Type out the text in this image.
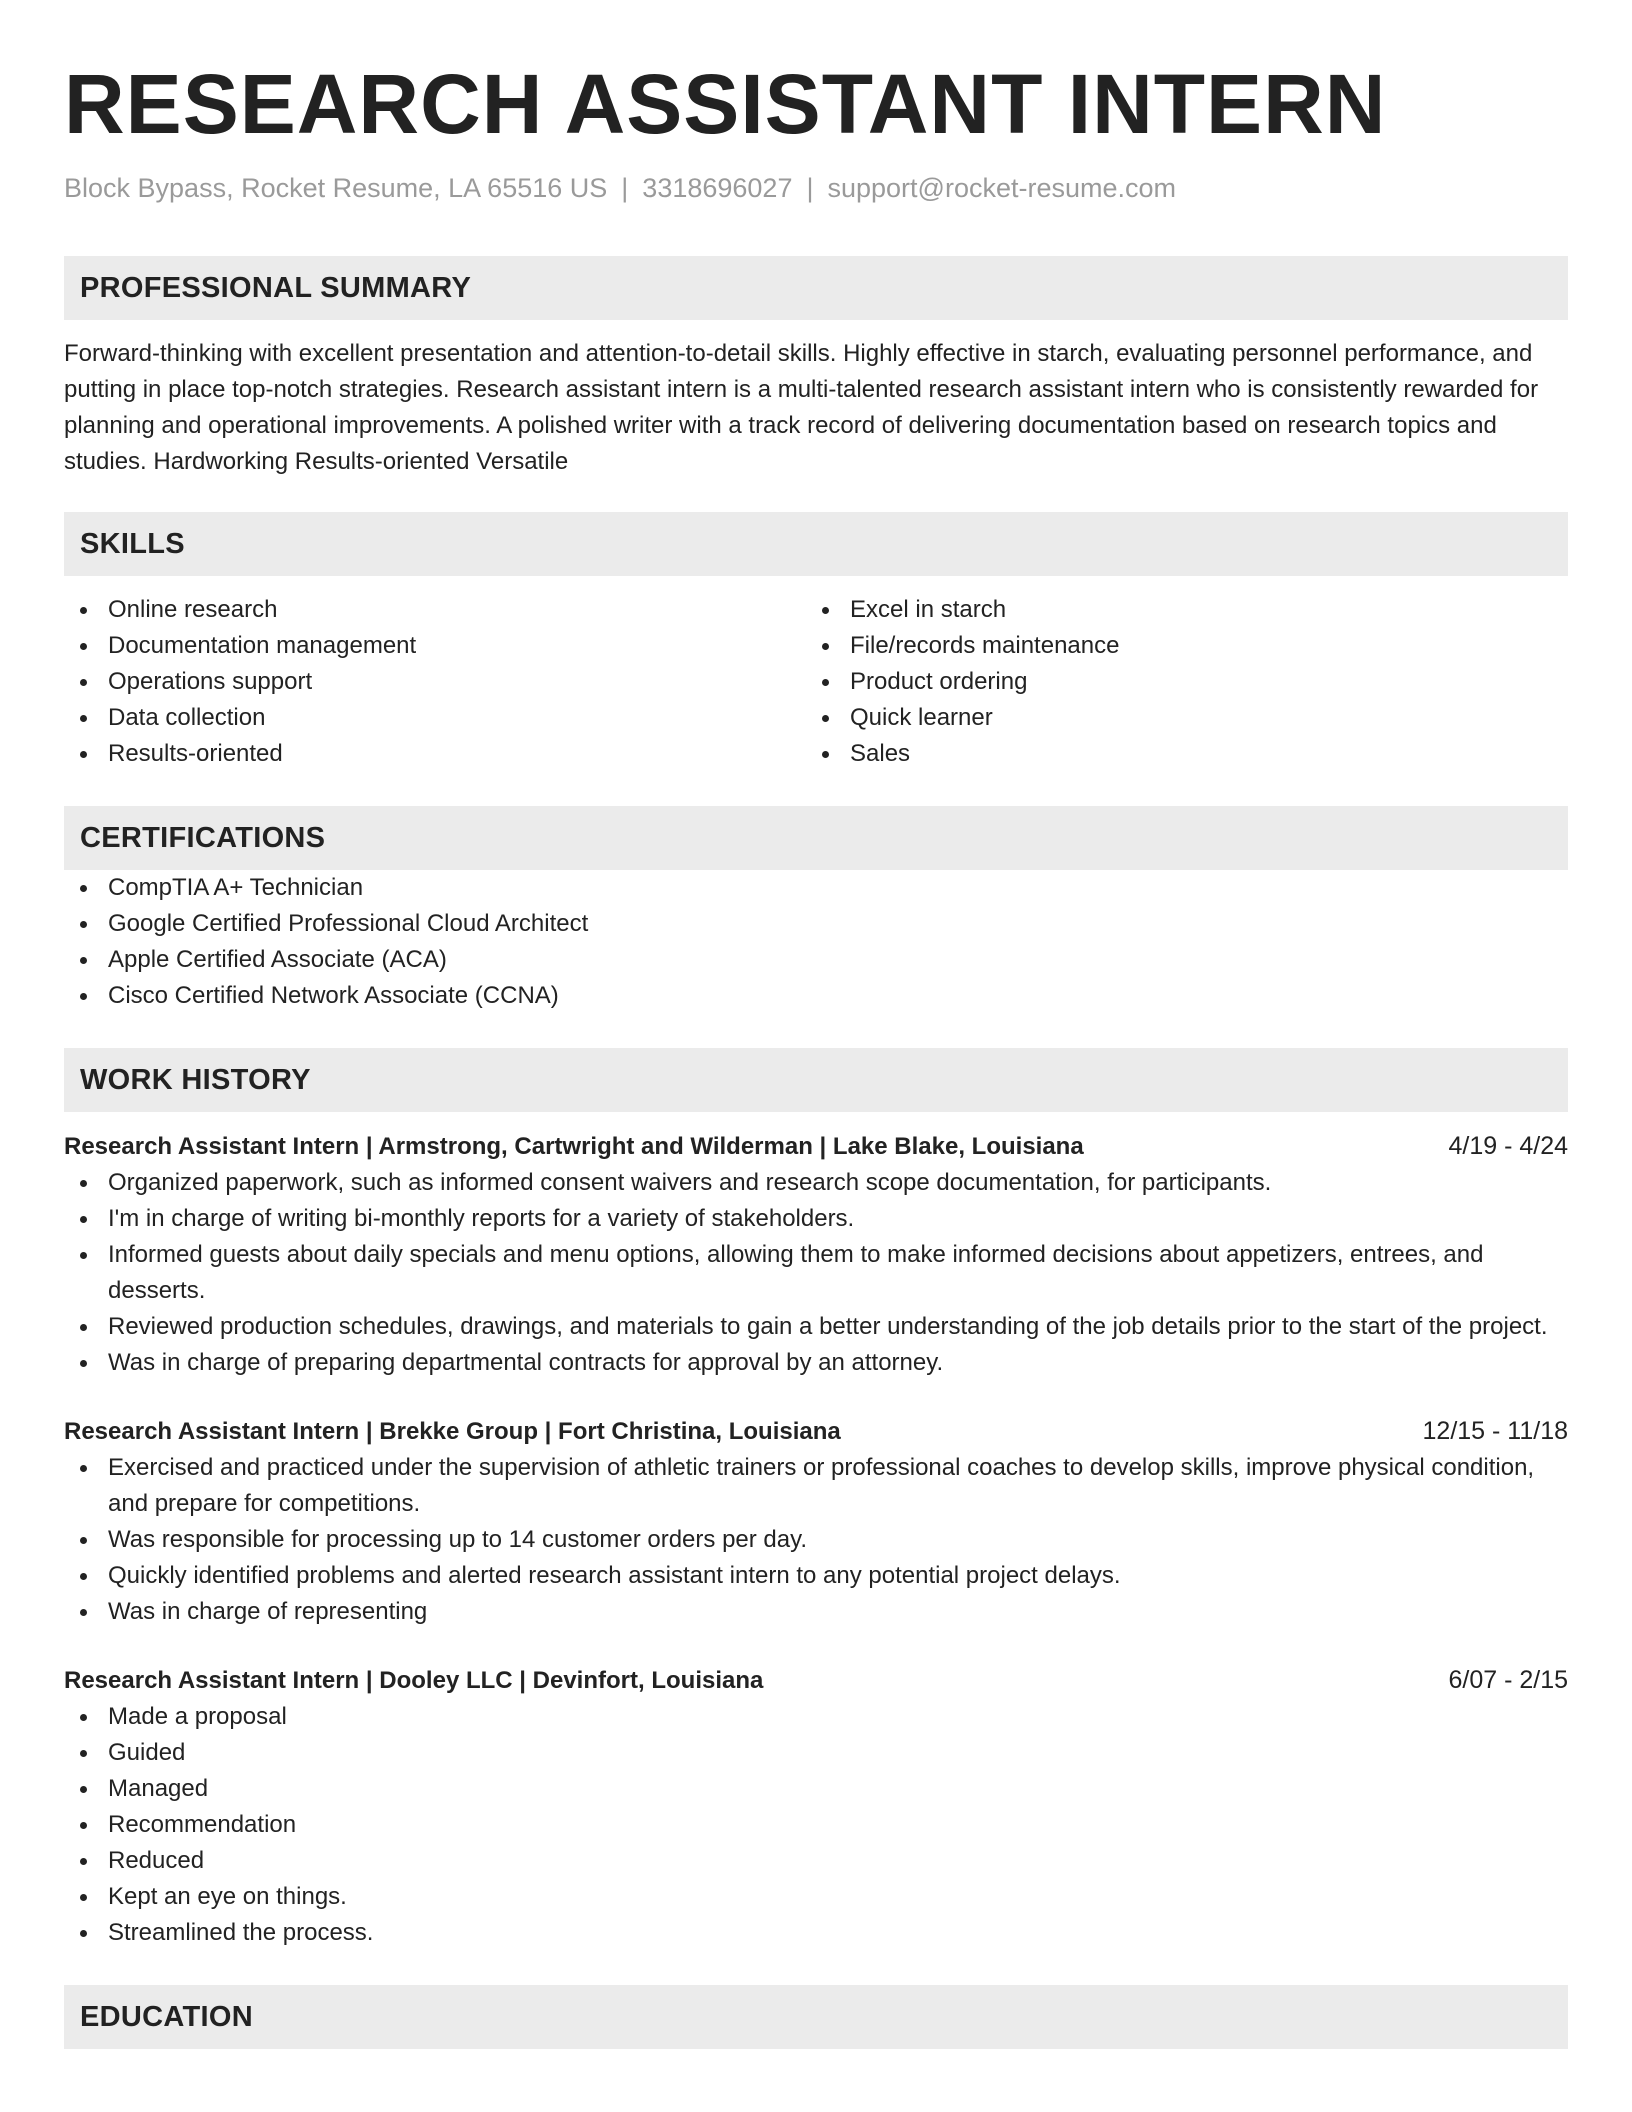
RESEARCH ASSISTANT INTERN
Block Bypass, Rocket Resume, LA 65516 US | 3318696027 | support@rocket-resume.com
PROFESSIONAL SUMMARY
Forward-thinking with excellent presentation and attention-to-detail skills. Highly effective in starch, evaluating personnel performance, and putting in place top-notch strategies. Research assistant intern is a multi-talented research assistant intern who is consistently rewarded for planning and operational improvements. A polished writer with a track record of delivering documentation based on research topics and studies. Hardworking Results-oriented Versatile
SKILLS
Online research
Documentation management
Operations support
Data collection
Results-oriented
Excel in starch
File/records maintenance
Product ordering
Quick learner
Sales
CERTIFICATIONS
CompTIA A+ Technician
Google Certified Professional Cloud Architect
Apple Certified Associate (ACA)
Cisco Certified Network Associate (CCNA)
WORK HISTORY
Research Assistant Intern | Armstrong, Cartwright and Wilderman | Lake Blake, Louisiana	4/19 - 4/24
Organized paperwork, such as informed consent waivers and research scope documentation, for participants.
I'm in charge of writing bi-monthly reports for a variety of stakeholders.
Informed guests about daily specials and menu options, allowing them to make informed decisions about appetizers, entrees, and desserts.
Reviewed production schedules, drawings, and materials to gain a better understanding of the job details prior to the start of the project.
Was in charge of preparing departmental contracts for approval by an attorney.
Research Assistant Intern | Brekke Group | Fort Christina, Louisiana	12/15 - 11/18
Exercised and practiced under the supervision of athletic trainers or professional coaches to develop skills, improve physical condition, and prepare for competitions.
Was responsible for processing up to 14 customer orders per day.
Quickly identified problems and alerted research assistant intern to any potential project delays.
Was in charge of representing
Research Assistant Intern | Dooley LLC | Devinfort, Louisiana	6/07 - 2/15
Made a proposal
Guided
Managed
Recommendation
Reduced
Kept an eye on things.
Streamlined the process.
EDUCATION
